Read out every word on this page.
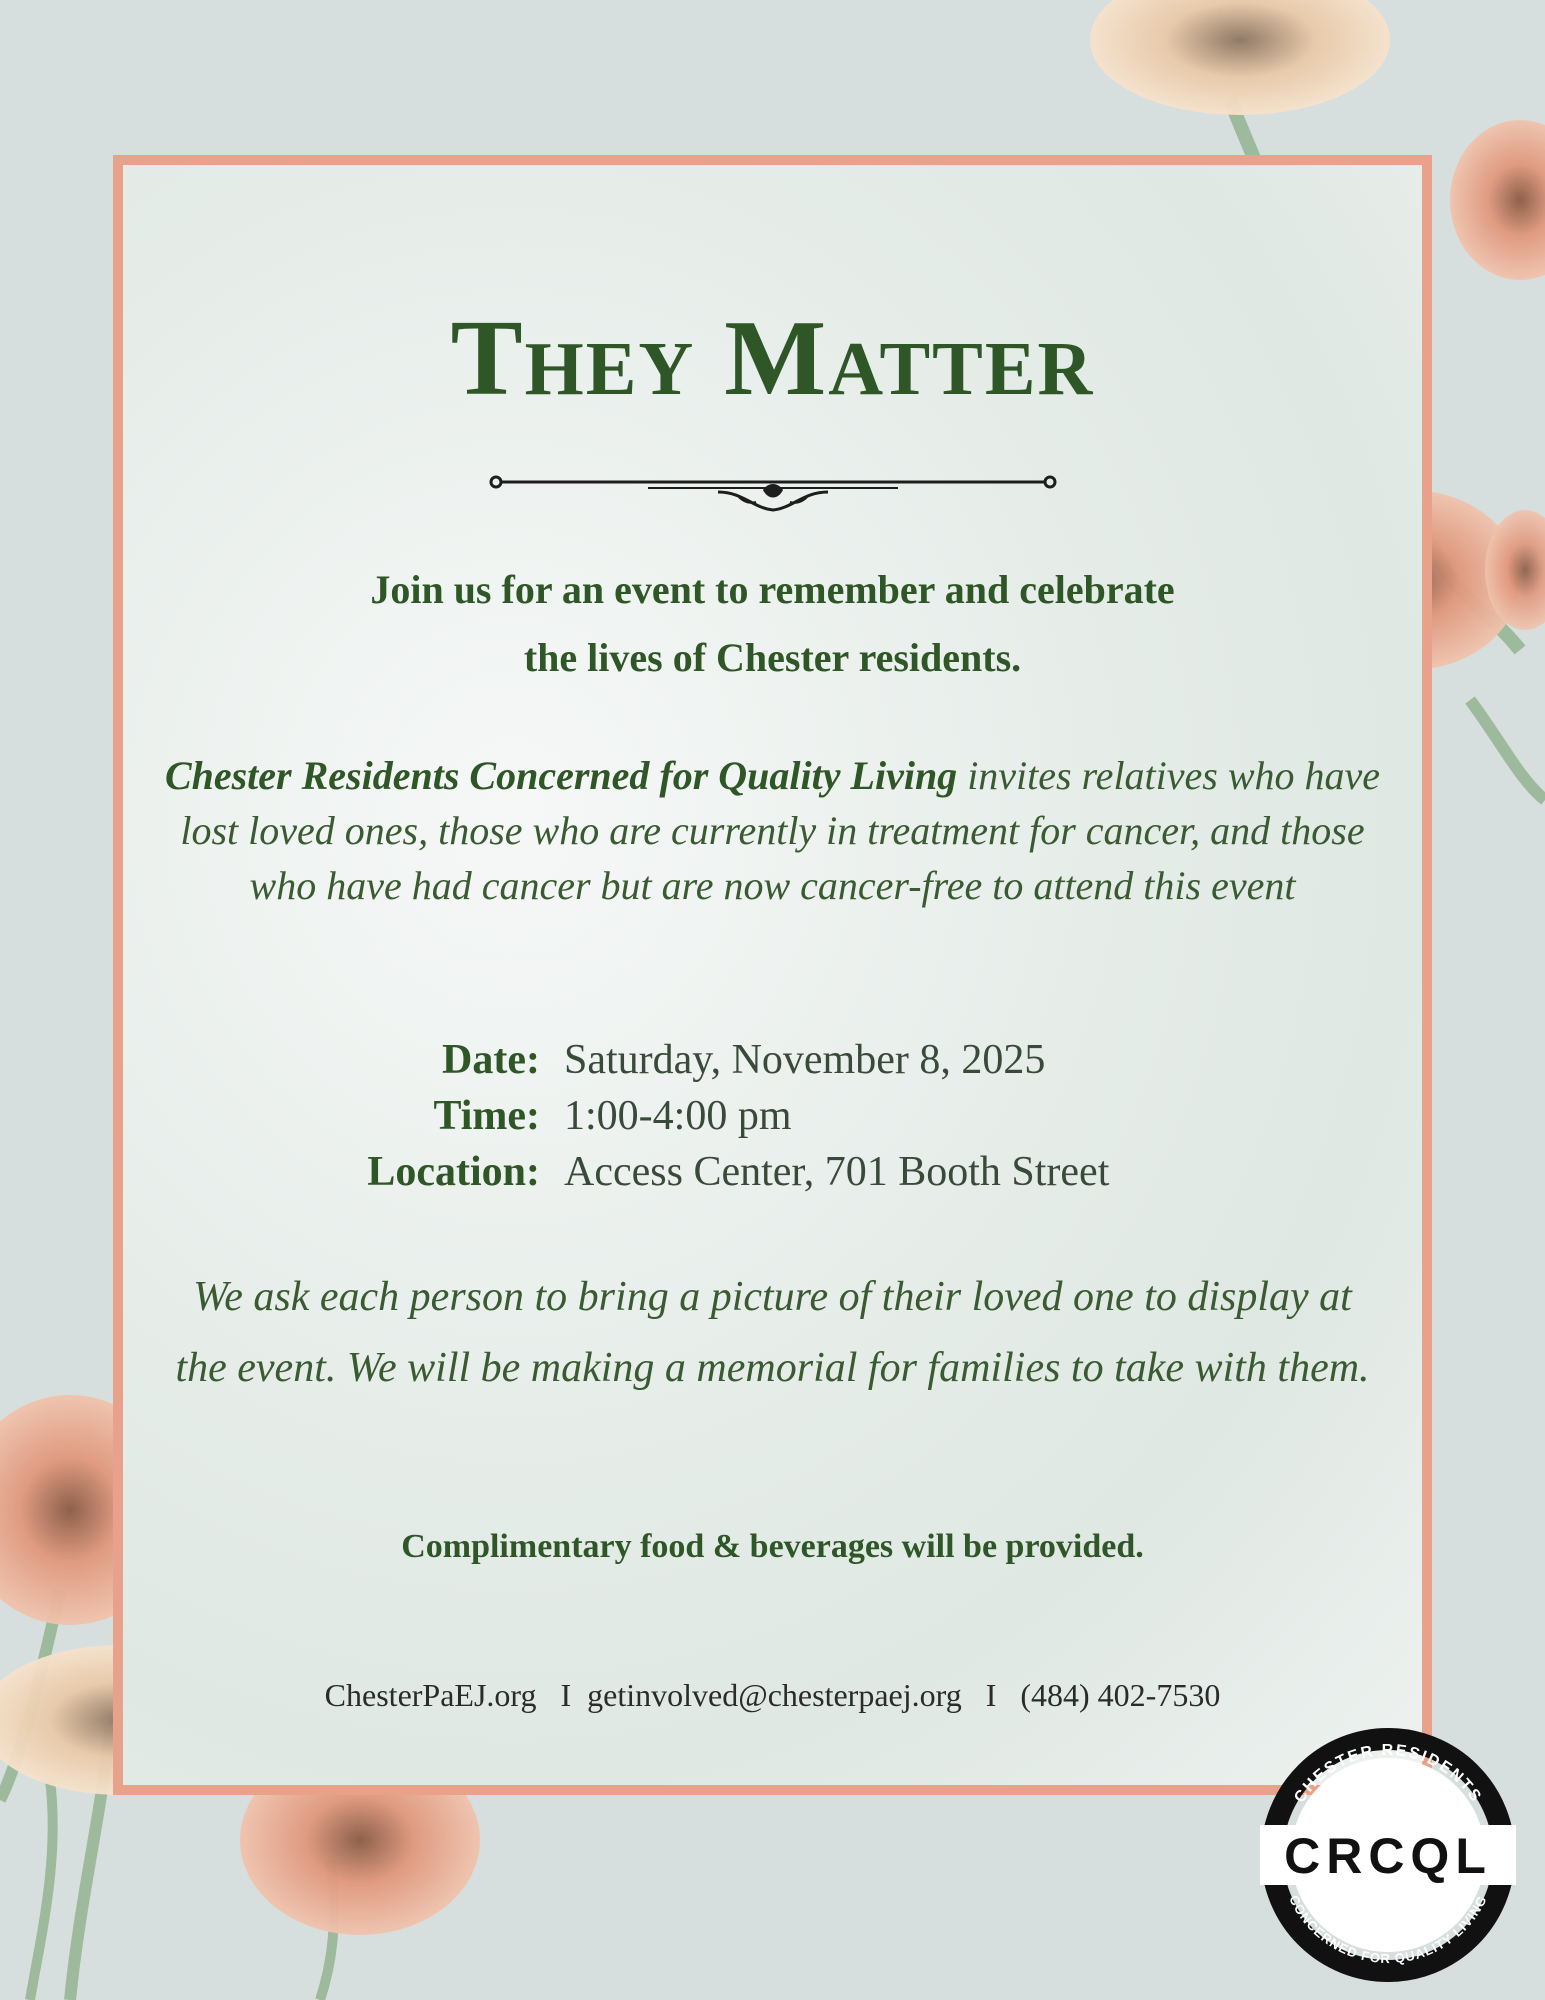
They Matter
Join us for an event to remember and celebrate
the lives of Chester residents.
Chester Residents Concerned for Quality Living invites relatives who have lost loved ones, those who are currently in treatment for cancer, and those who have had cancer but are now cancer-free to attend this event
Date: Saturday, November 8, 2025
Time: 1:00-4:00 pm
Location: Access Center, 701 Booth Street
We ask each person to bring a picture of their loved one to display at the event. We will be making a memorial for families to take with them.
Complimentary food & beverages will be provided.
ChesterPaEJ.org I getinvolved@chesterpaej.org I (484) 402-7530
CHESTER RESIDENTS
CONCERNED FOR QUALITY LIVING
CRCQL
